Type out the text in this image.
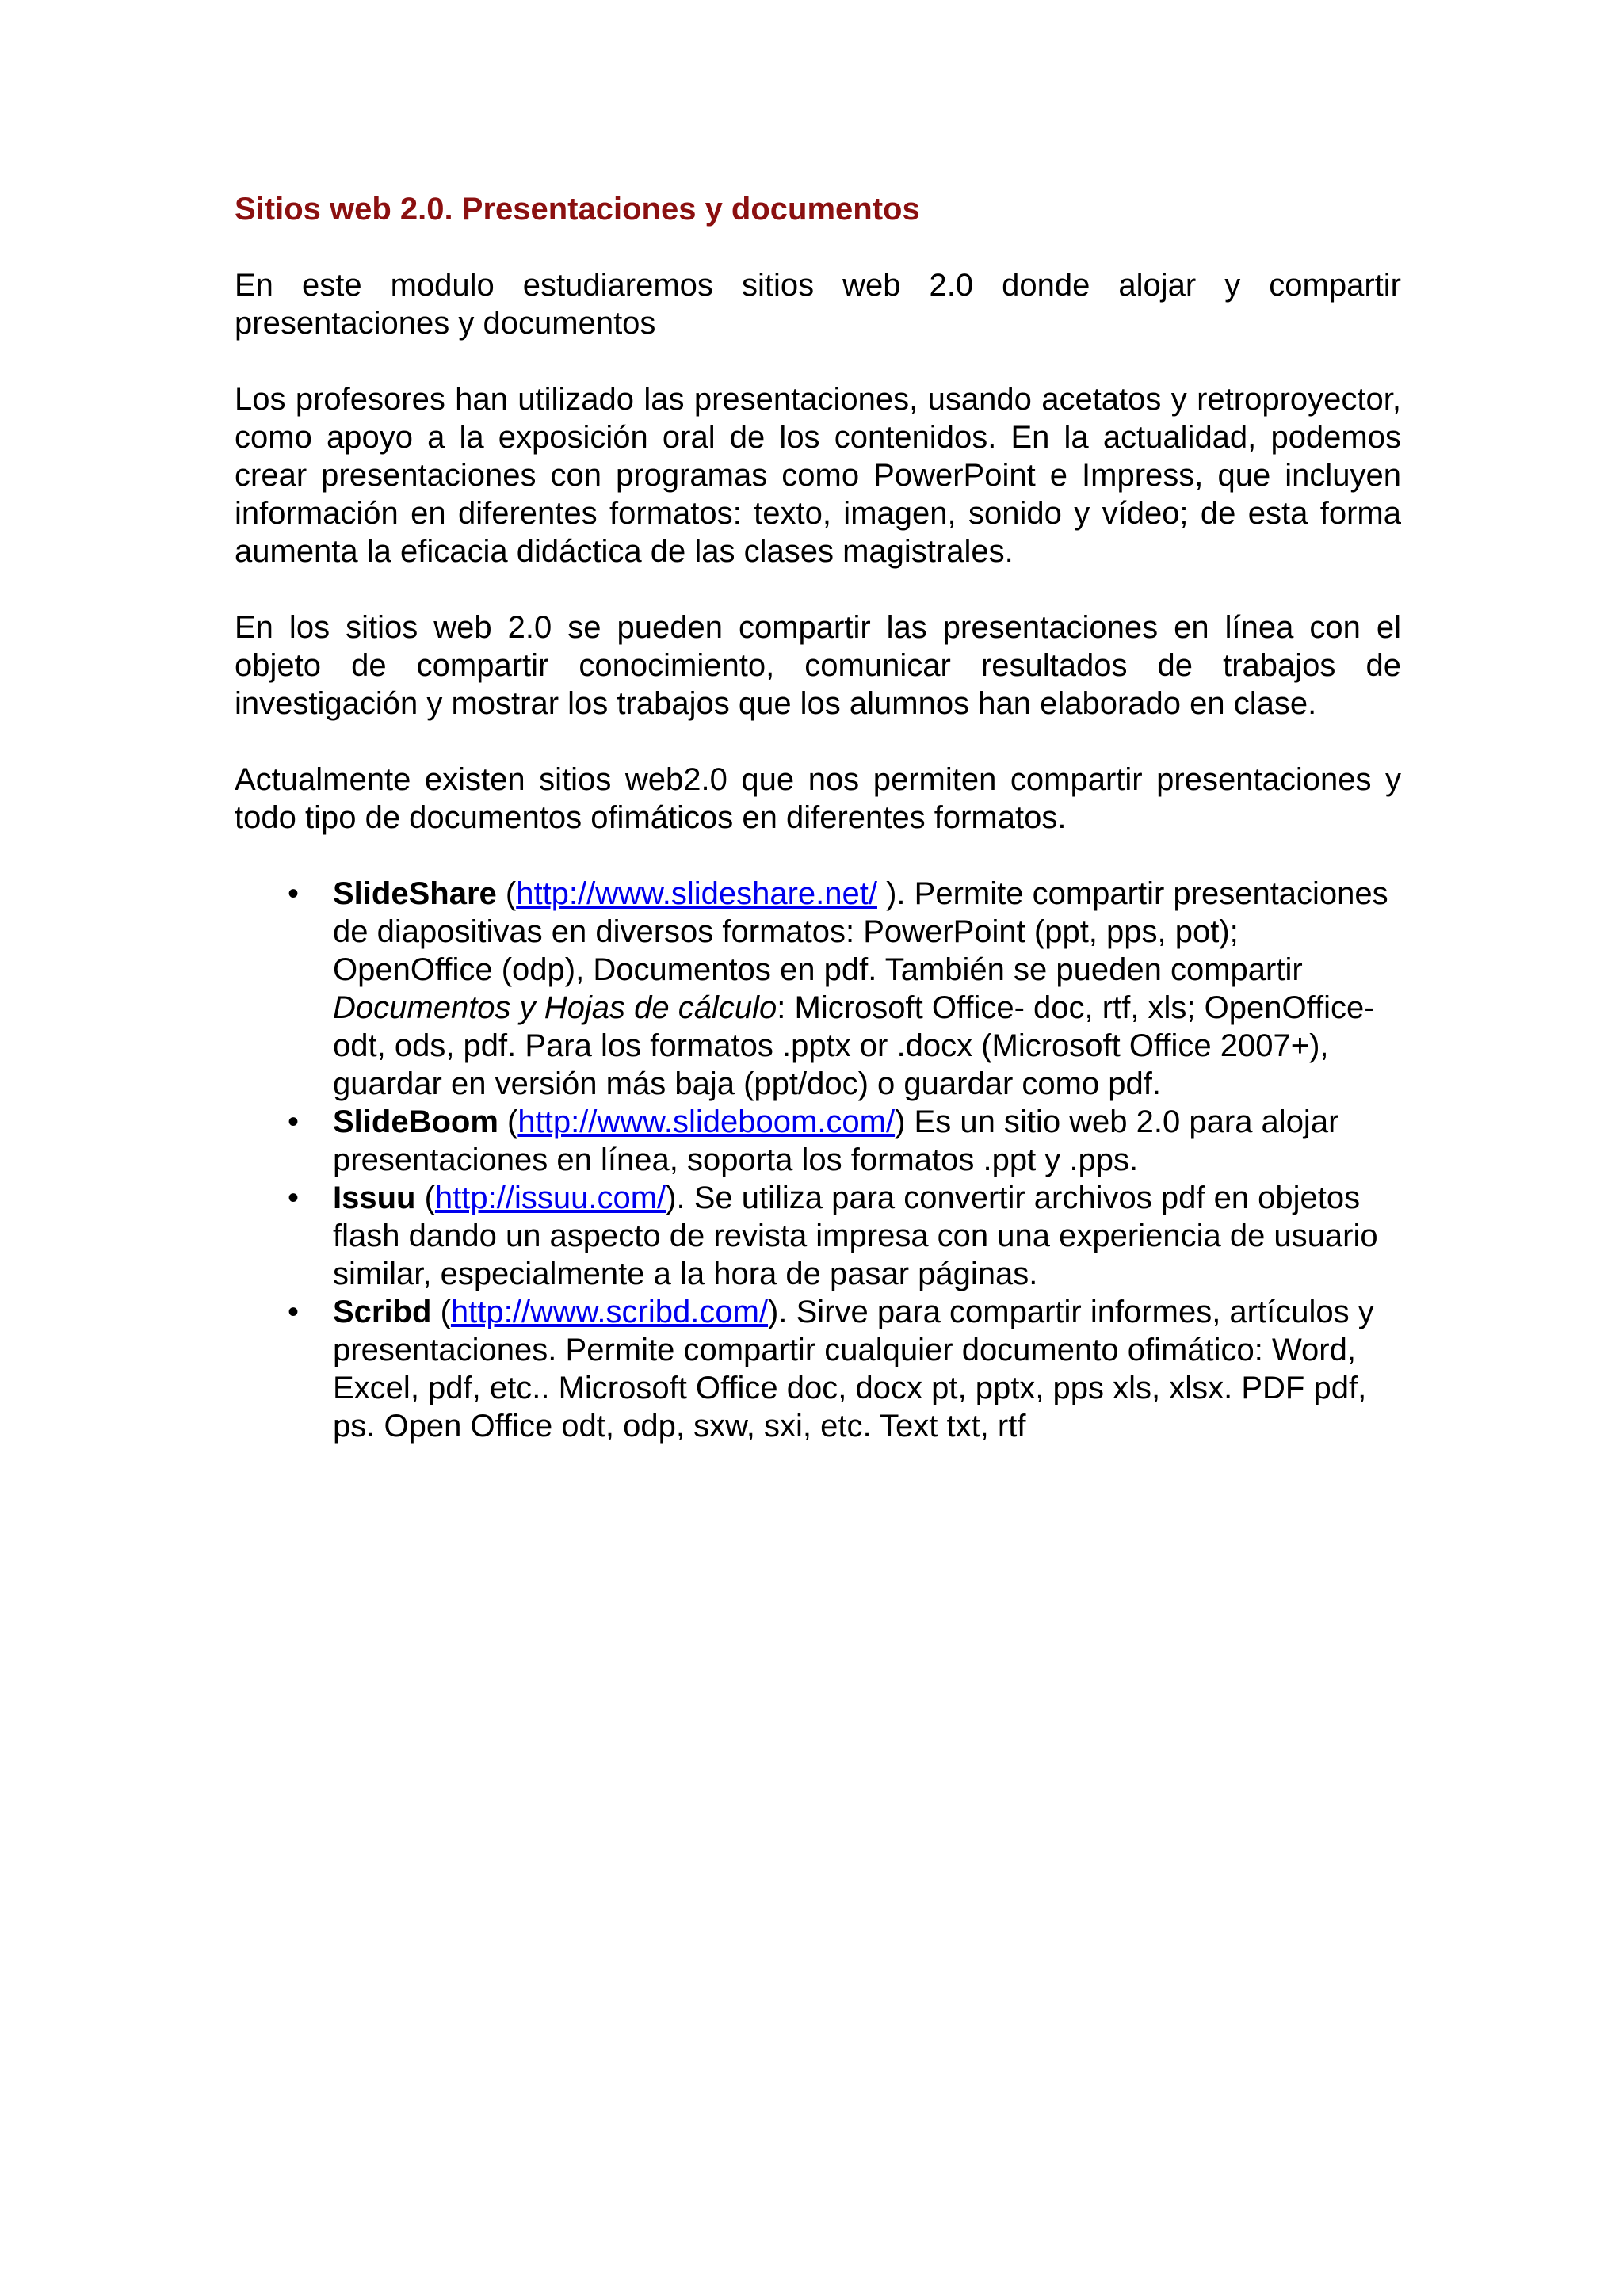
Sitios web 2.0. Presentaciones y documentos

En este modulo estudiaremos sitios web 2.0 donde alojar y compartir presentaciones y documentos

Los profesores han utilizado las presentaciones, usando acetatos y retroproyector, como apoyo a la exposición oral de los contenidos. En la actualidad, podemos crear presentaciones con programas como PowerPoint e Impress, que incluyen información en diferentes formatos: texto, imagen, sonido y vídeo; de esta forma aumenta la eficacia didáctica de las clases magistrales.

En los sitios web 2.0 se pueden compartir las presentaciones en línea con el objeto de compartir conocimiento, comunicar resultados de trabajos de investigación y mostrar los trabajos que los alumnos han elaborado en clase.

Actualmente existen sitios web2.0 que nos permiten compartir presentaciones y todo tipo de documentos ofimáticos en diferentes formatos.

• SlideShare (http://www.slideshare.net/ ). Permite compartir presentaciones de diapositivas en diversos formatos: PowerPoint (ppt, pps, pot); OpenOffice (odp), Documentos en pdf. También se pueden compartir Documentos y Hojas de cálculo: Microsoft Office- doc, rtf, xls; OpenOffice- odt, ods, pdf. Para los formatos .pptx or .docx (Microsoft Office 2007+), guardar en versión más baja (ppt/doc) o guardar como pdf.
• SlideBoom (http://www.slideboom.com/) Es un sitio web 2.0 para alojar presentaciones en línea, soporta los formatos .ppt y .pps.
• Issuu (http://issuu.com/). Se utiliza para convertir archivos pdf en objetos flash dando un aspecto de revista impresa con una experiencia de usuario similar, especialmente a la hora de pasar páginas.
• Scribd (http://www.scribd.com/). Sirve para compartir informes, artículos y presentaciones. Permite compartir cualquier documento ofimático: Word, Excel, pdf, etc.. Microsoft Office doc, docx pt, pptx, pps xls, xlsx. PDF pdf, ps. Open Office odt, odp, sxw, sxi, etc. Text txt, rtf
